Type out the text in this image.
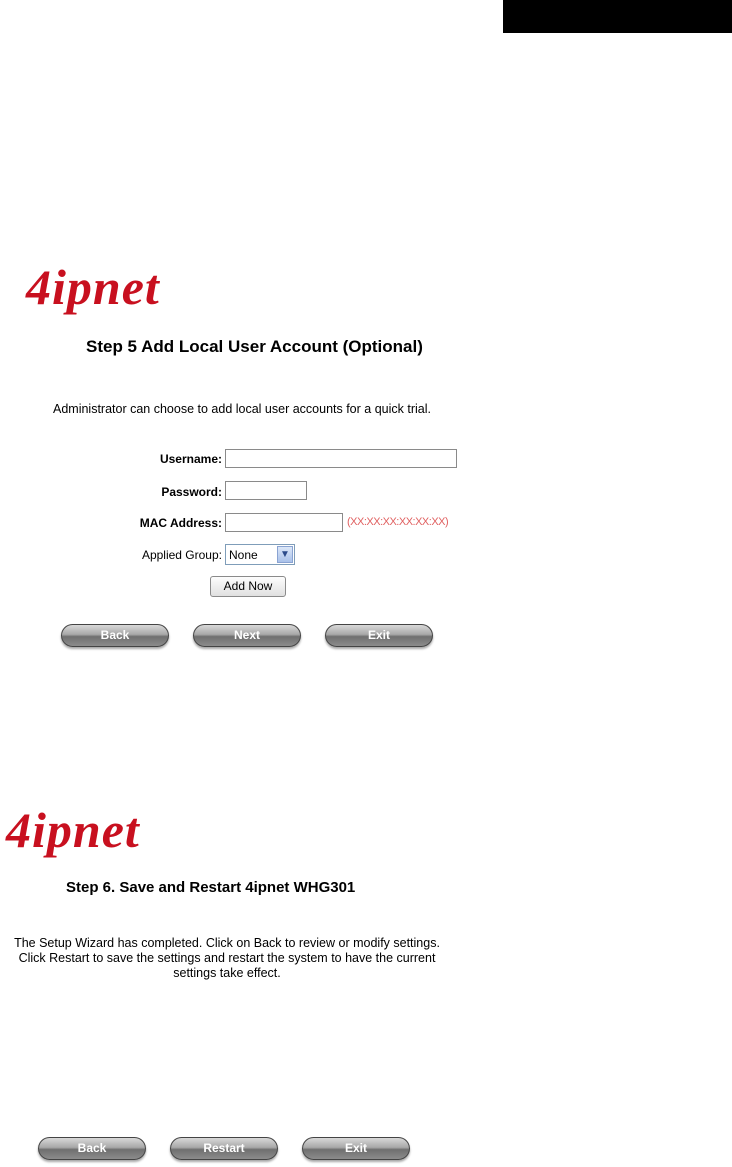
4ipnet
Step 5 Add Local User Account (Optional)
Administrator can choose to add local user accounts for a quick trial.
Username:
Password:
MAC Address:	(XX:XX:XX:XX:XX:XX)
Applied Group: None	▼
Add Now
Back	Next	Exit
4ipnet
Step 6. Save and Restart 4ipnet WHG301
The Setup Wizard has completed. Click on Back to review or modify settings. Click Restart to save the settings and restart the system to have the current settings take effect.
Back	Restart	Exit
